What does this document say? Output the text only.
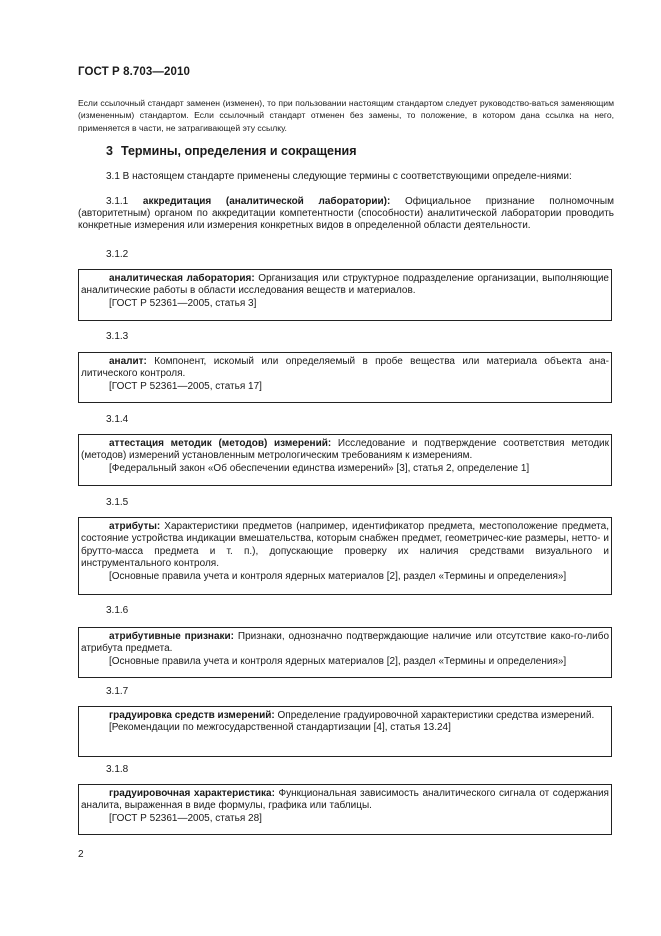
ГОСТ Р 8.703—2010

Если ссылочный стандарт заменен (изменен), то при пользовании настоящим стандартом следует руководство-ваться заменяющим (измененным) стандартом. Если ссылочный стандарт отменен без замены, то положение, в котором дана ссылка на него, применяется в части, не затрагивающей эту ссылку.

3 Термины, определения и сокращения

3.1 В настоящем стандарте применены следующие термины с соответствующими определе-ниями:

3.1.1 аккредитация (аналитической лаборатории): Официальное признание полномочным (авторитетным) органом по аккредитации компетентности (способности) аналитической лаборатории проводить конкретные измерения или измерения конкретных видов в определенной области деятельности.

3.1.2

аналитическая лаборатория: Организация или структурное подразделение организации, выполняющие аналитические работы в области исследования веществ и материалов.

[ГОСТ Р 52361—2005, статья 3]

3.1.3

аналит: Компонент, искомый или определяемый в пробе вещества или материала объекта ана-литического контроля.

[ГОСТ Р 52361—2005, статья 17]

3.1.4

аттестация методик (методов) измерений: Исследование и подтверждение соответствия методик (методов) измерений установленным метрологическим требованиям к измерениям.

[Федеральный закон «Об обеспечении единства измерений» [3], статья 2, определение 1]

3.1.5

атрибуты: Характеристики предметов (например, идентификатор предмета, местоположение предмета, состояние устройства индикации вмешательства, которым снабжен предмет, геометричес-кие размеры, нетто- и брутто-масса предмета и т. п.), допускающие проверку их наличия средствами визуального и инструментального контроля.

[Основные правила учета и контроля ядерных материалов [2], раздел «Термины и определения»]

3.1.6

атрибутивные признаки: Признаки, однозначно подтверждающие наличие или отсутствие како-го-либо атрибута предмета.

[Основные правила учета и контроля ядерных материалов [2], раздел «Термины и определения»]

3.1.7

градуировка средств измерений: Определение градуировочной характеристики средства измерений.

[Рекомендации по межгосударственной стандартизации [4], статья 13.24]

3.1.8

градуировочная характеристика: Функциональная зависимость аналитического сигнала от содержания аналита, выраженная в виде формулы, графика или таблицы.

[ГОСТ Р 52361—2005, статья 28]

2
